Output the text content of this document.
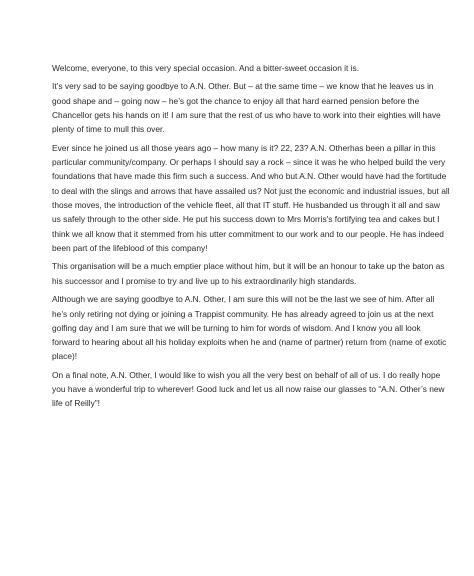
Welcome, everyone, to this very special occasion. And a bitter-sweet occasion it is.

It’s very sad to be saying goodbye to A.N. Other. But – at the same time – we know that he leaves us in good shape and – going now – he’s got the chance to enjoy all that hard earned pension before the Chancellor gets his hands on it! I am sure that the rest of us who have to work into their eighties will have plenty of time to mull this over.

Ever since he joined us all those years ago – how many is it? 22, 23? A.N. Otherhas been a pillar in this particular community/company. Or perhaps I should say a rock – since it was he who helped build the very foundations that have made this firm such a success. And who but A.N. Other would have had the fortitude to deal with the slings and arrows that have assailed us? Not just the economic and industrial issues, but all those moves, the introduction of the vehicle fleet, all that IT stuff. He husbanded us through it all and saw us safely through to the other side. He put his success down to Mrs Morris's fortifying tea and cakes but I think we all know that it stemmed from his utter commitment to our work and to our people. He has indeed been part of the lifeblood of this company!

This organisation will be a much emptier place without him, but it will be an honour to take up the baton as his successor and I promise to try and live up to his extraordinarily high standards.

Although we are saying goodbye to A.N. Other, I am sure this will not be the last we see of him. After all he’s only retiring not dying or joining a Trappist community. He has already agreed to join us at the next golfing day and I am sure that we will be turning to him for words of wisdom. And I know you all look forward to hearing about all his holiday exploits when he and (name of partner) return from (name of exotic place)!

On a final note, A.N. Other, I would like to wish you all the very best on behalf of all of us. I do really hope you have a wonderful trip to wherever! Good luck and let us all now raise our glasses to “A.N. Other’s new life of Reilly”!
